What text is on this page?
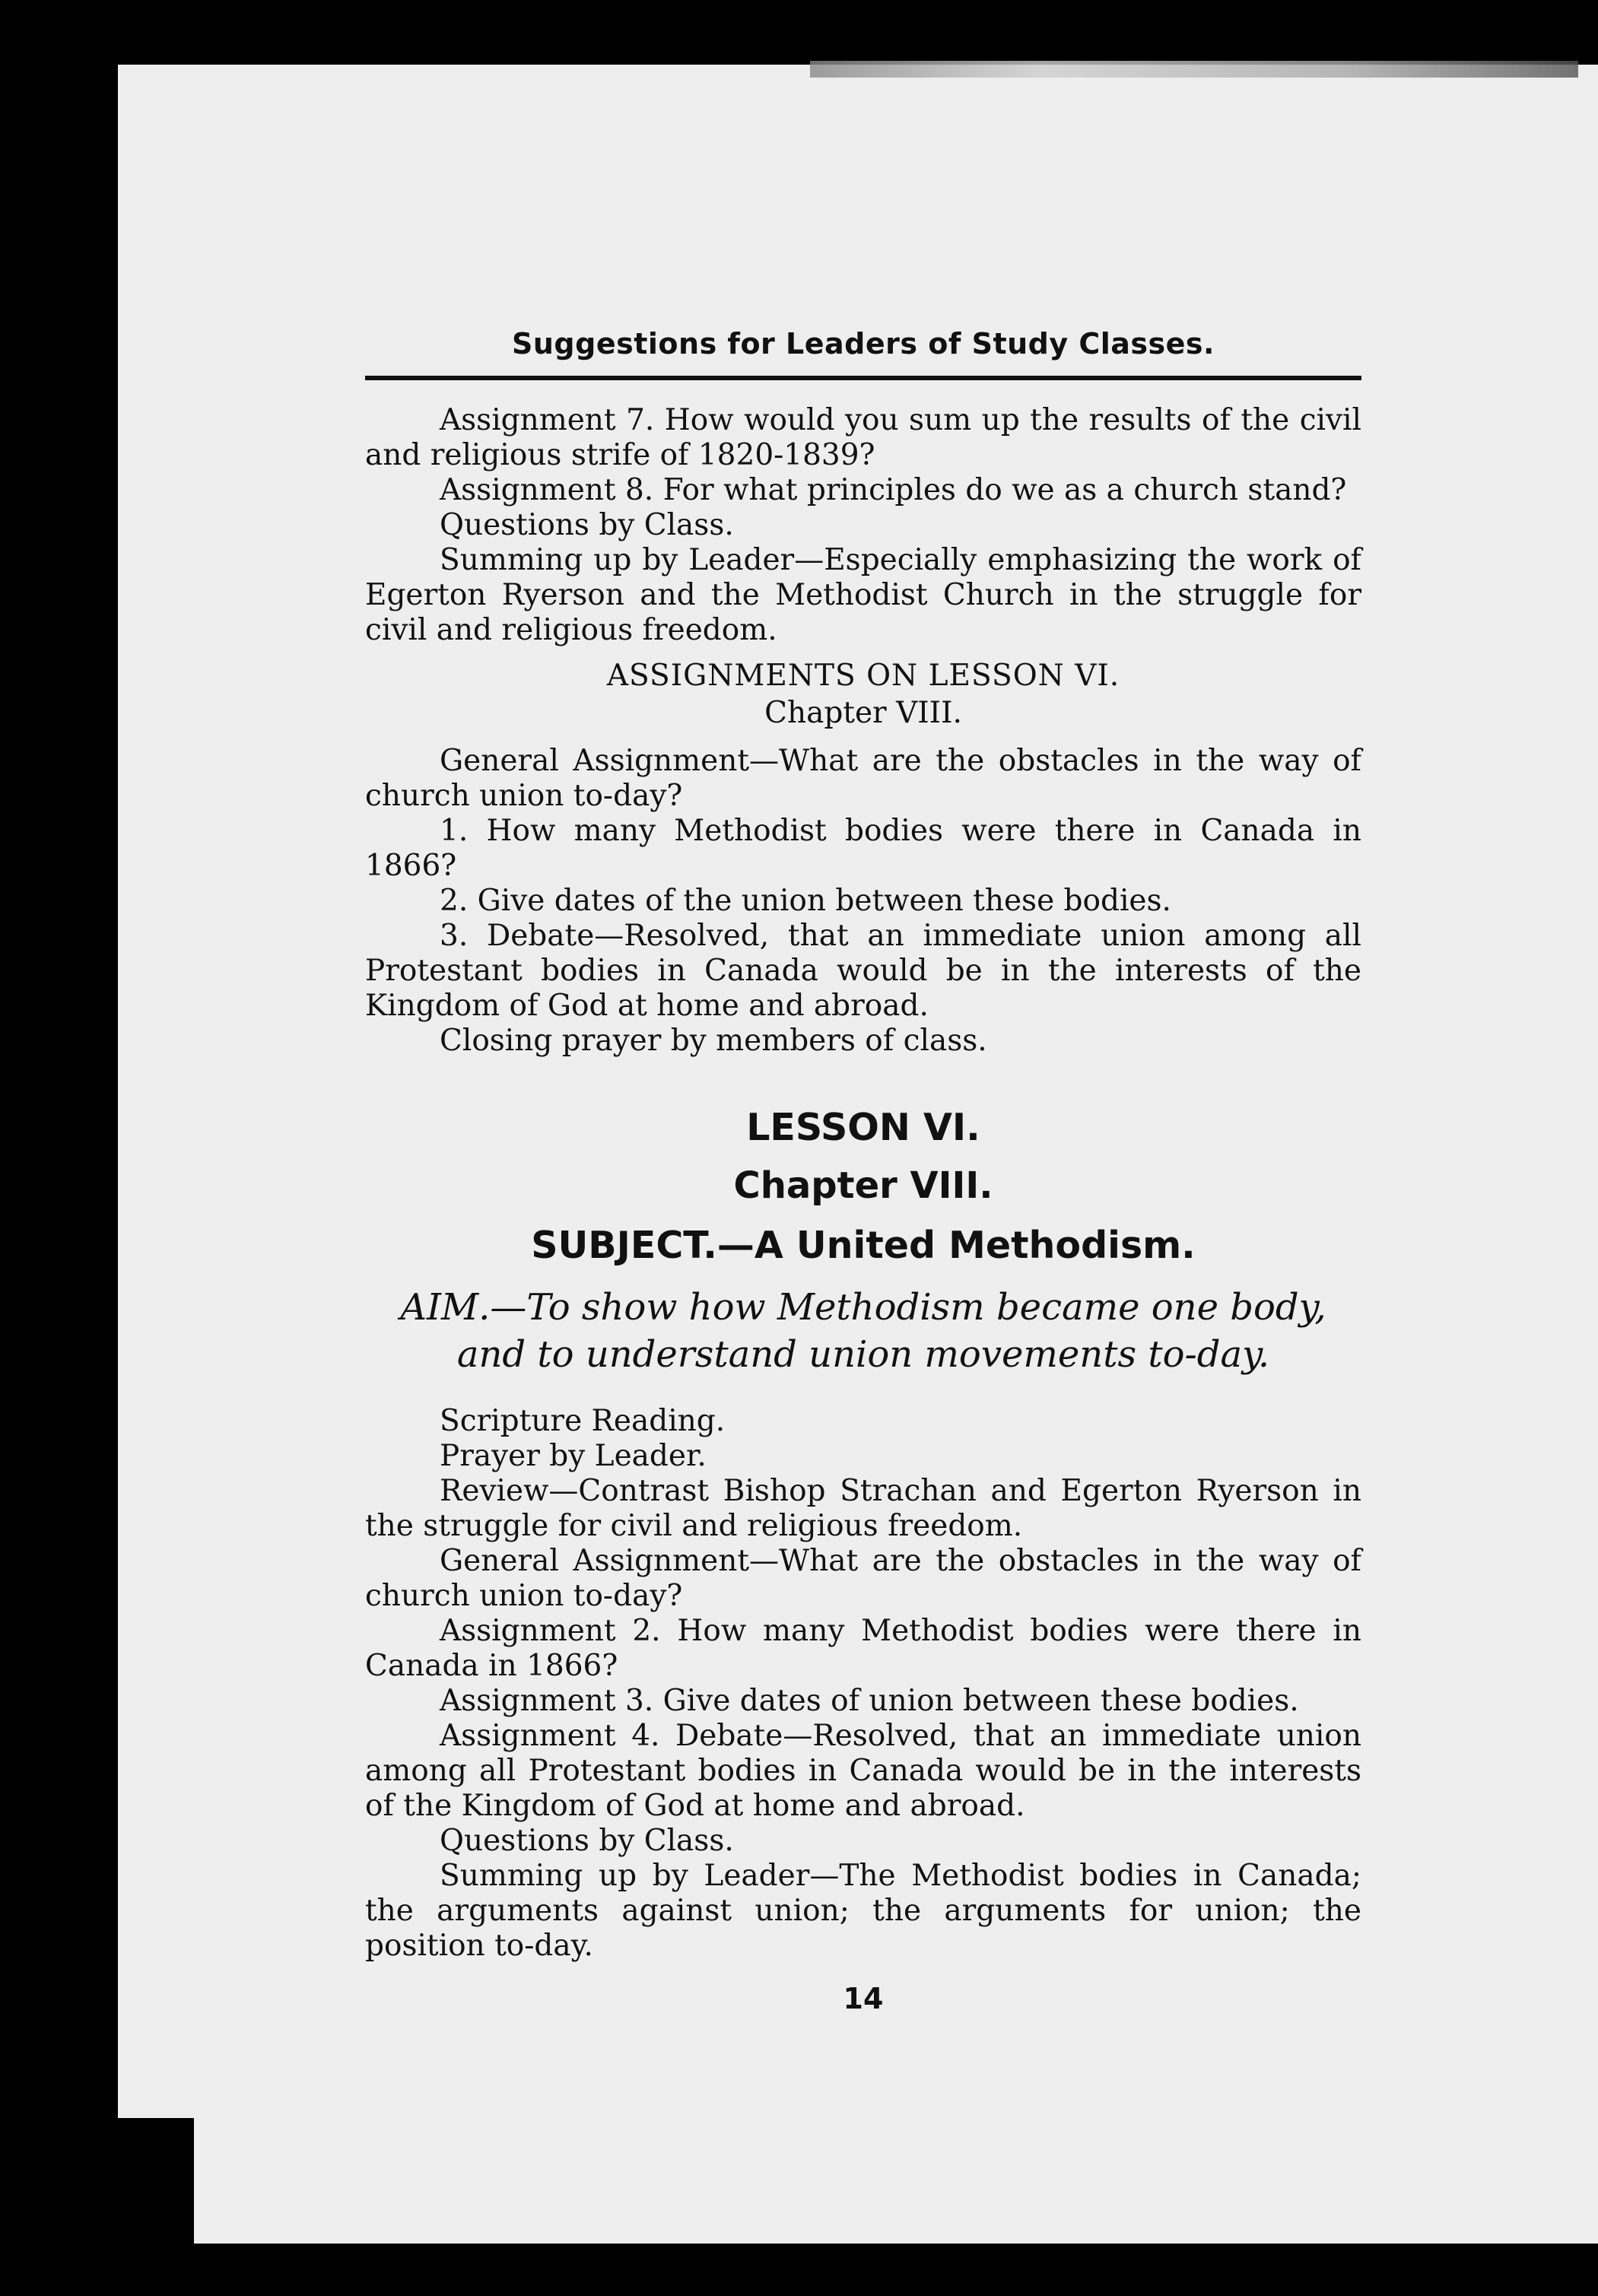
Suggestions for Leaders of Study Classes.

Assignment 7. How would you sum up the results of the civil and religious strife of 1820-1839?

Assignment 8. For what principles do we as a church stand?

Questions by Class.

Summing up by Leader—Especially emphasizing the work of Egerton Ryerson and the Methodist Church in the struggle for civil and religious freedom.

ASSIGNMENTS ON LESSON VI.
Chapter VIII.

General Assignment—What are the obstacles in the way of church union to-day?

1. How many Methodist bodies were there in Canada in 1866?

2. Give dates of the union between these bodies.

3. Debate—Resolved, that an immediate union among all Protestant bodies in Canada would be in the interests of the Kingdom of God at home and abroad.

Closing prayer by members of class.

LESSON VI.
Chapter VIII.
SUBJECT.—A United Methodism.
AIM.—To show how Methodism became one body, and to understand union movements to-day.

Scripture Reading.

Prayer by Leader.

Review—Contrast Bishop Strachan and Egerton Ryerson in the struggle for civil and religious freedom.

General Assignment—What are the obstacles in the way of church union to-day?

Assignment 2. How many Methodist bodies were there in Canada in 1866?

Assignment 3. Give dates of union between these bodies.

Assignment 4. Debate—Resolved, that an immediate union among all Protestant bodies in Canada would be in the interests of the Kingdom of God at home and abroad.

Questions by Class.

Summing up by Leader—The Methodist bodies in Canada; the arguments against union; the arguments for union; the position to-day.

14
